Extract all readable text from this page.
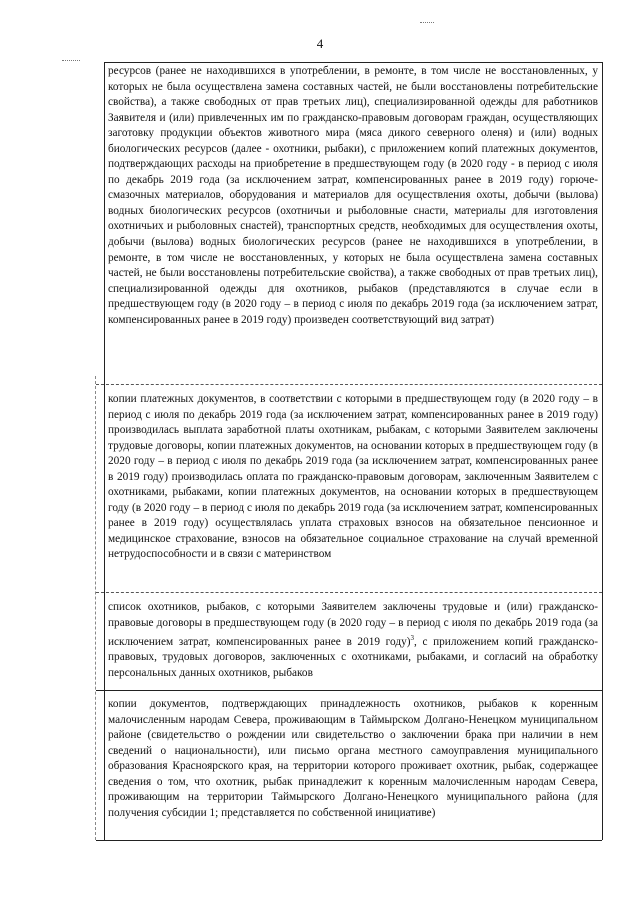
4

ресурсов (ранее не находившихся в употреблении, в ремонте, в том числе не восстановленных, у которых не была осуществлена замена составных частей, не были восстановлены потребительские свойства), а также свободных от прав третьих лиц), специализированной одежды для работников Заявителя и (или) привлеченных им по гражданско-правовым договорам граждан, осуществляющих заготовку продукции объектов животного мира (мяса дикого северного оленя) и (или) водных биологических ресурсов (далее - охотники, рыбаки), с приложением копий платежных документов, подтверждающих расходы на приобретение в предшествующем году (в 2020 году - в период с июля по декабрь 2019 года (за исключением затрат, компенсированных ранее в 2019 году) горюче-смазочных материалов, оборудования и материалов для осуществления охоты, добычи (вылова) водных биологических ресурсов (охотничьи и рыболовные снасти, материалы для изготовления охотничьих и рыболовных снастей), транспортных средств, необходимых для осуществления охоты, добычи (вылова) водных биологических ресурсов (ранее не находившихся в употреблении, в ремонте, в том числе не восстановленных, у которых не была осуществлена замена составных частей, не были восстановлены потребительские свойства), а также свободных от прав третьих лиц), специализированной одежды для охотников, рыбаков (представляются в случае если в предшествующем году (в 2020 году – в период с июля по декабрь 2019 года (за исключением затрат, компенсированных ранее в 2019 году) произведен соответствующий вид затрат)

копии платежных документов, в соответствии с которыми в предшествующем году (в 2020 году – в период с июля по декабрь 2019 года (за исключением затрат, компенсированных ранее в 2019 году) производилась выплата заработной платы охотникам, рыбакам, с которыми Заявителем заключены трудовые договоры, копии платежных документов, на основании которых в предшествующем году (в 2020 году – в период с июля по декабрь 2019 года (за исключением затрат, компенсированных ранее в 2019 году) производилась оплата по гражданско-правовым договорам, заключенным Заявителем с охотниками, рыбаками, копии платежных документов, на основании которых в предшествующем году (в 2020 году – в период с июля по декабрь 2019 года (за исключением затрат, компенсированных ранее в 2019 году) осуществлялась уплата страховых взносов на обязательное пенсионное и медицинское страхование, взносов на обязательное социальное страхование на случай временной нетрудоспособности и в связи с материнством

список охотников, рыбаков, с которыми Заявителем заключены трудовые и (или) гражданско-правовые договоры в предшествующем году (в 2020 году – в период с июля по декабрь 2019 года (за исключением затрат, компенсированных ранее в 2019 году)$^3$, с приложением копий гражданско-правовых, трудовых договоров, заключенных с охотниками, рыбаками, и согласий на обработку персональных данных охотников, рыбаков

копии документов, подтверждающих принадлежность охотников, рыбаков к коренным малочисленным народам Севера, проживающим в Таймырском Долгано-Ненецком муниципальном районе (свидетельство о рождении или свидетельство о заключении брака при наличии в нем сведений о национальности), или письмо органа местного самоуправления муниципального образования Красноярского края, на территории которого проживает охотник, рыбак, содержащее сведения о том, что охотник, рыбак принадлежит к коренным малочисленным народам Севера, проживающим на территории Таймырского Долгано-Ненецкого муниципального района (для получения субсидии 1; представляется по собственной инициативе)
